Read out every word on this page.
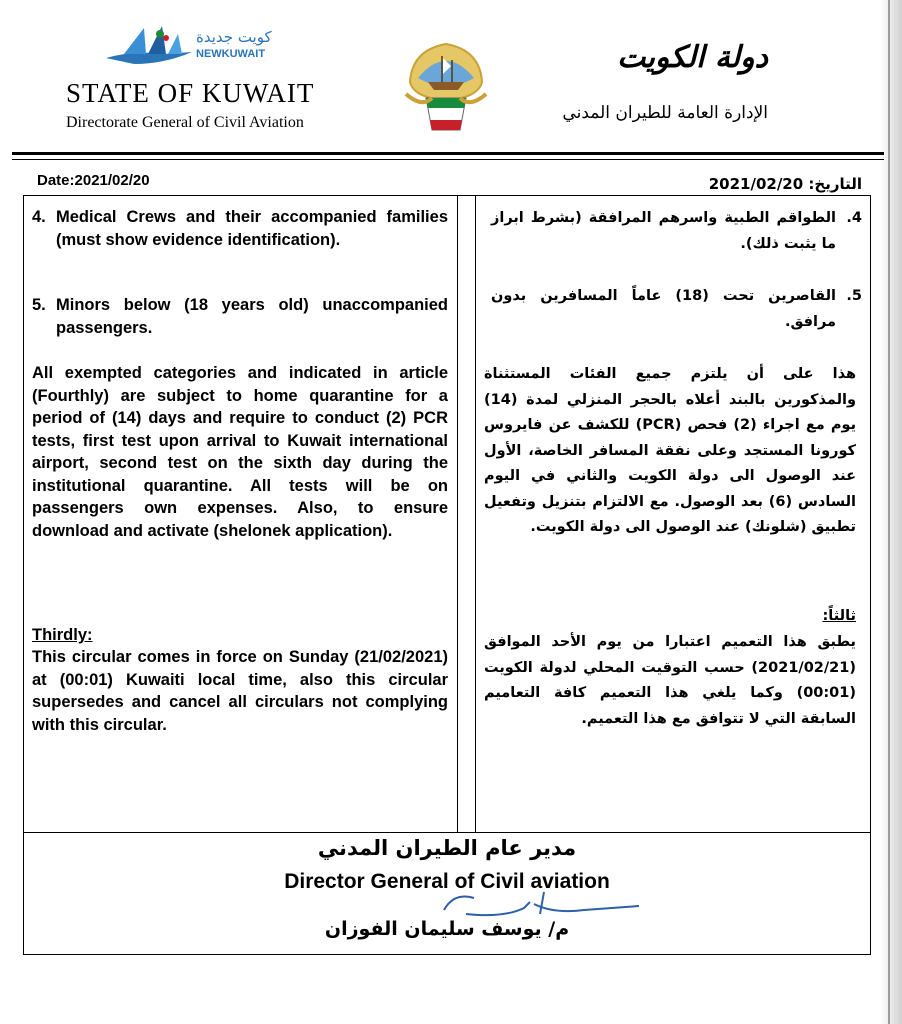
كويت جديدة
NEWKUWAIT
STATE OF KUWAIT
Directorate General of Civil Aviation
دولة الكويت
الإدارة العامة للطيران المدني
Date:2021/02/20	التاريخ: 2021/02/20
4. Medical Crews and their accompanied families (must show evidence identification).
5. Minors below (18 years old) unaccompanied passengers.
All exempted categories and indicated in article (Fourthly) are subject to home quarantine for a period of (14) days and require to conduct (2) PCR tests, first test upon arrival to Kuwait international airport, second test on the sixth day during the institutional quarantine. All tests will be on passengers own expenses. Also, to ensure download and activate (shelonek application).
Thirdly:
This circular comes in force on Sunday (21/02/2021) at (00:01) Kuwaiti local time, also this circular supersedes and cancel all circulars not complying with this circular.
4.
الطواقم الطبية واسرهم المرافقة (بشرط ابراز ما يثبت ذلك).
5.
القاصرين تحت (18) عاماً المسافرين بدون مرافق.
هذا على أن يلتزم جميع الفئات المستثناة والمذكورين بالبند أعلاه بالحجر المنزلي لمدة (14) يوم مع اجراء (2) فحص (PCR) للكشف عن فايروس كورونا المستجد وعلى نفقة المسافر الخاصة، الأول عند الوصول الى دولة الكويت والثاني في اليوم السادس (6) بعد الوصول. مع الالتزام بتنزيل وتفعيل تطبيق (شلونك) عند الوصول الى دولة الكويت.
ثالثاً:
يطبق هذا التعميم اعتبارا من يوم الأحد الموافق (2021/02/21) حسب التوقيت المحلي لدولة الكويت (00:01) وكما يلغي هذا التعميم كافة التعاميم السابقة التي لا تتوافق مع هذا التعميم.
مدير عام الطيران المدني
Director General of Civil aviation
م/ يوسف سليمان الفوزان
